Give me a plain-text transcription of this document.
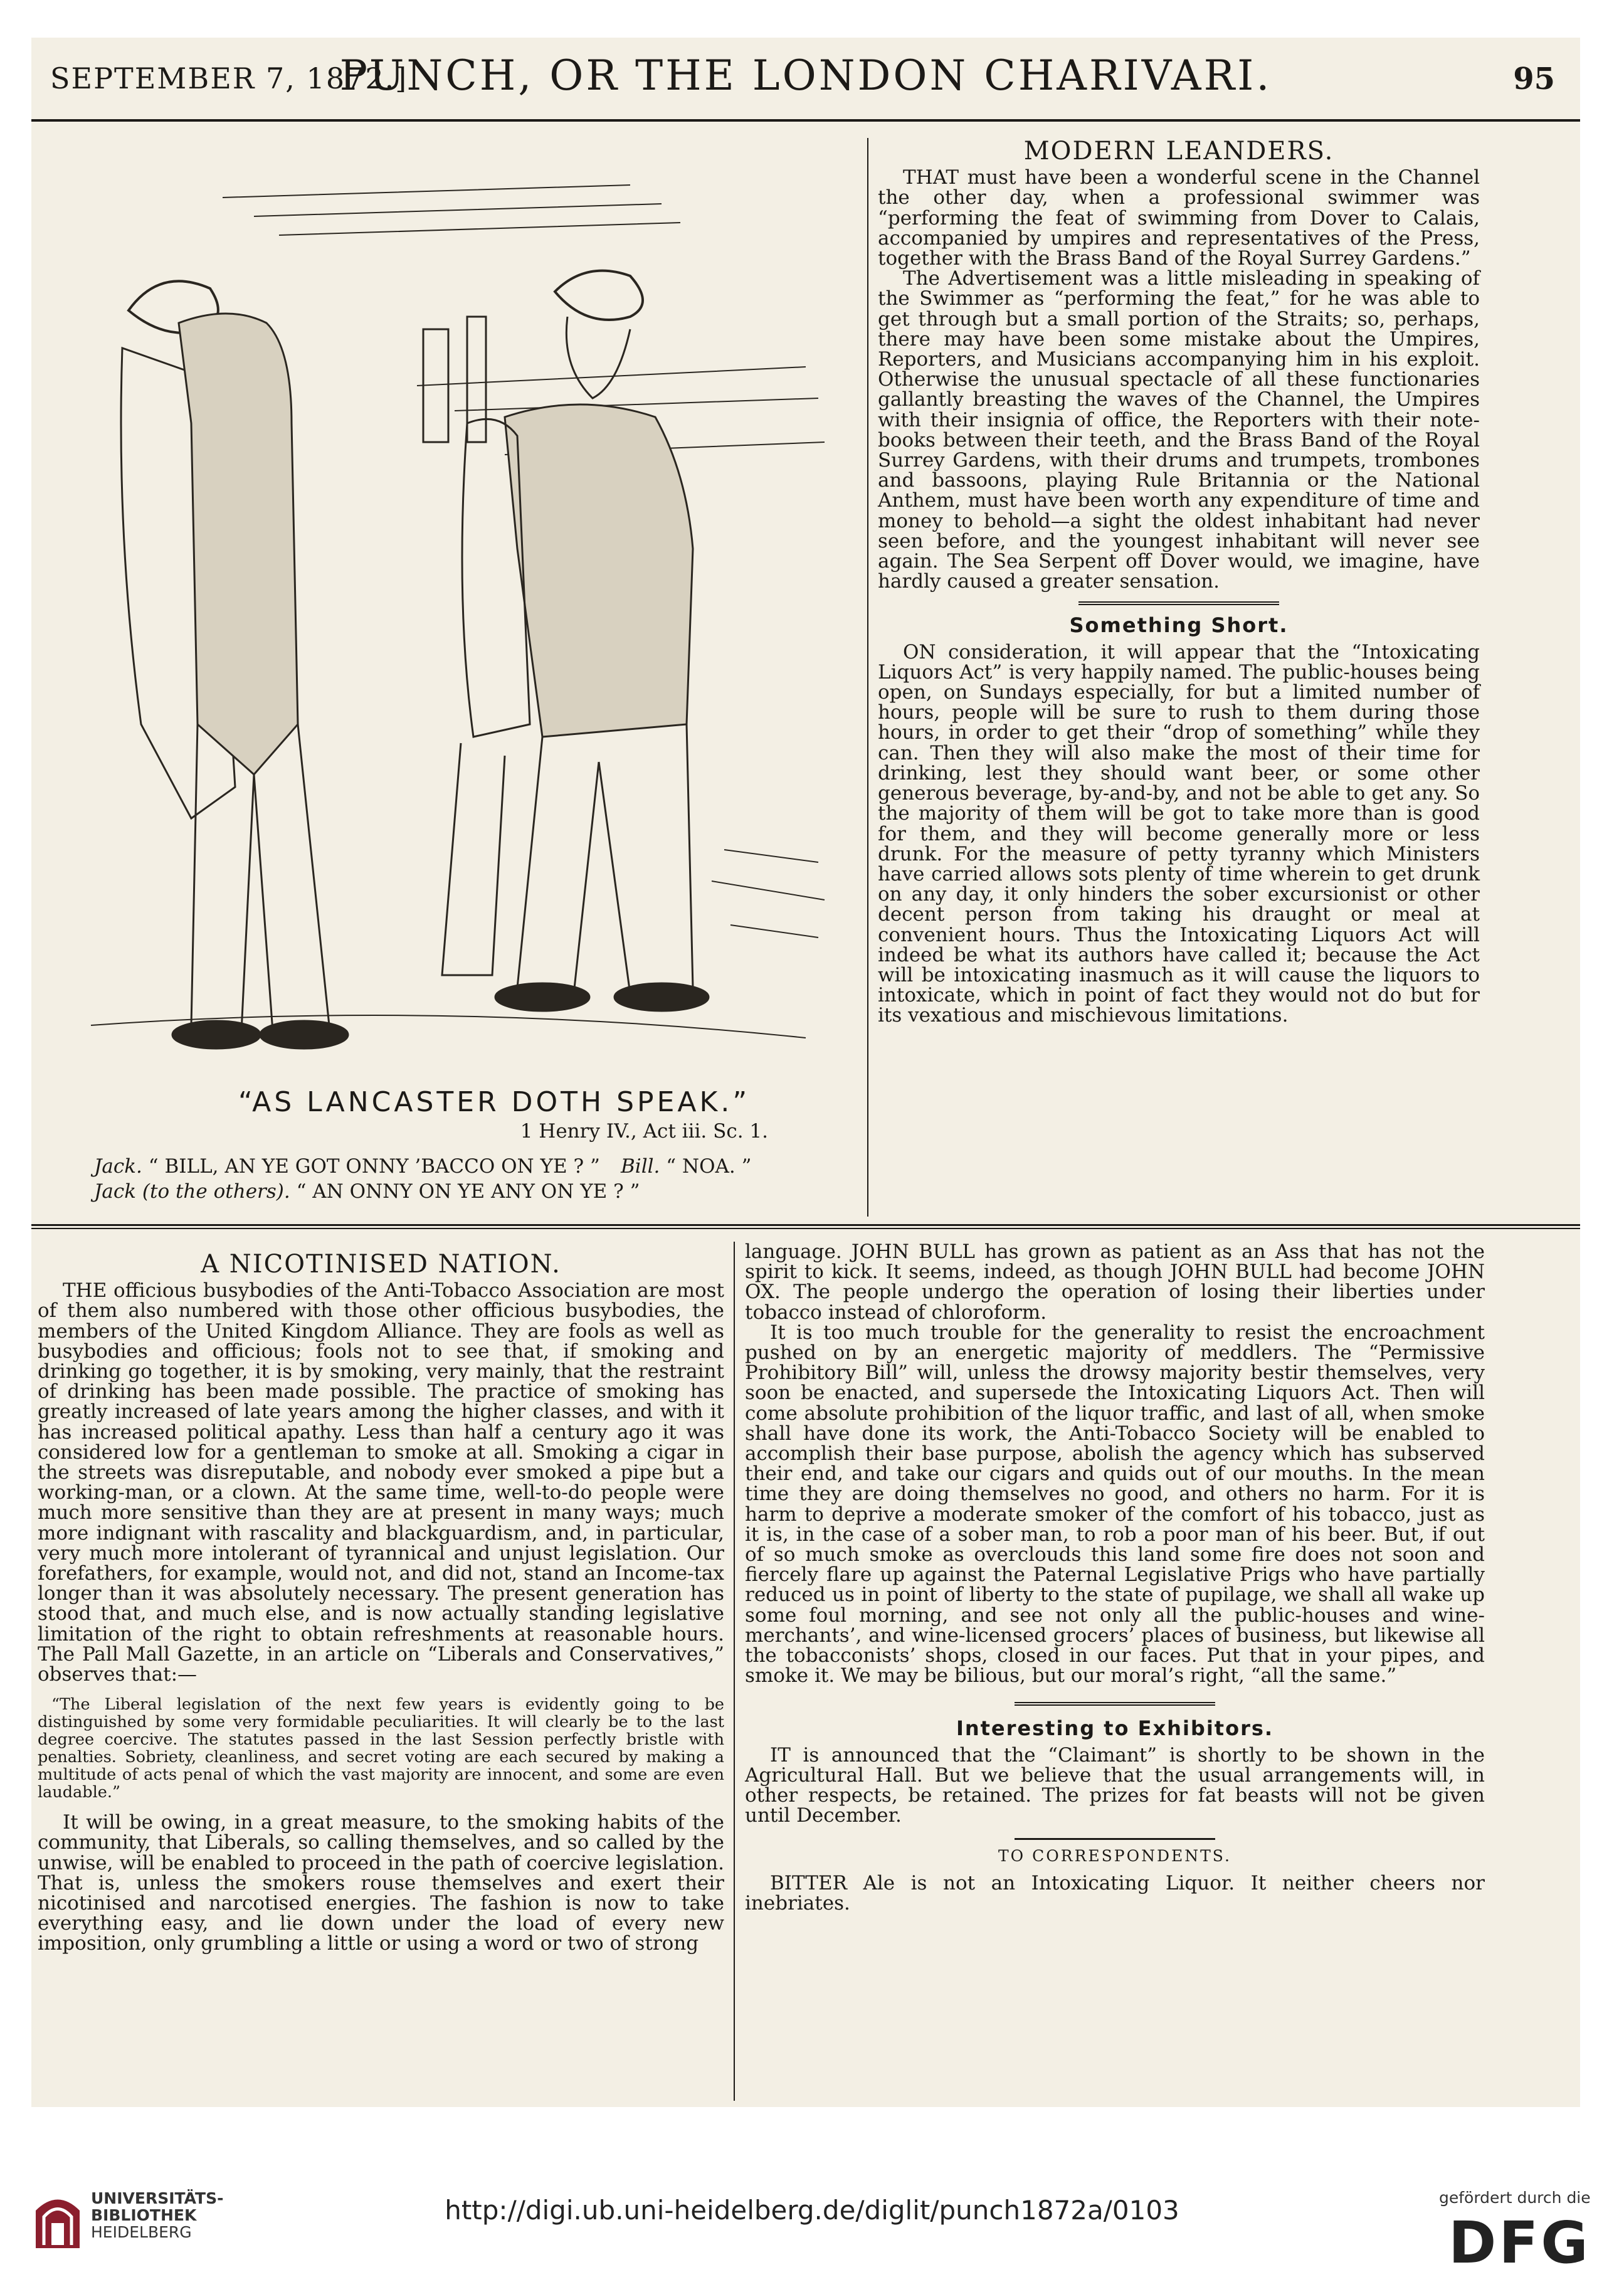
SEPTEMBER 7, 1872.]
PUNCH, OR THE LONDON CHARIVARI.	95
“AS LANCASTER DOTH SPEAK.”
1 Henry IV., Act iii. Sc. 1.
Jack. “ BILL, AN YE GOT ONNY ’BACCO ON YE ? ” Bill. “ NOA. ”
Jack (to the others). “ AN ONNY ON YE ANY ON YE ? ”

MODERN LEANDERS.

THAT must have been a wonderful scene in the Channel the other day, when a professional swimmer was “performing the feat of swimming from Dover to Calais, accompanied by umpires and representatives of the Press, together with the Brass Band of the Royal Surrey Gardens.”

The Advertisement was a little misleading in speaking of the Swimmer as “performing the feat,” for he was able to get through but a small portion of the Straits; so, perhaps, there may have been some mistake about the Umpires, Reporters, and Musicians accompanying him in his exploit. Otherwise the unusual spectacle of all these functionaries gallantly breasting the waves of the Channel, the Umpires with their insignia of office, the Reporters with their note-books between their teeth, and the Brass Band of the Royal Surrey Gardens, with their drums and trumpets, trombones and bassoons, playing Rule Britannia or the National Anthem, must have been worth any expenditure of time and money to behold—a sight the oldest inhabitant had never seen before, and the youngest inhabitant will never see again. The Sea Serpent off Dover would, we imagine, have hardly caused a greater sensation.

Something Short.

ON consideration, it will appear that the “Intoxicating Liquors Act” is very happily named. The public-houses being open, on Sundays especially, for but a limited number of hours, people will be sure to rush to them during those hours, in order to get their “drop of something” while they can. Then they will also make the most of their time for drinking, lest they should want beer, or some other generous beverage, by-and-by, and not be able to get any. So the majority of them will be got to take more than is good for them, and they will become generally more or less drunk. For the measure of petty tyranny which Ministers have carried allows sots plenty of time wherein to get drunk on any day, it only hinders the sober excursionist or other decent person from taking his draught or meal at convenient hours. Thus the Intoxicating Liquors Act will indeed be what its authors have called it; because the Act will be intoxicating inasmuch as it will cause the liquors to intoxicate, which in point of fact they would not do but for its vexatious and mischievous limitations.

A NICOTINISED NATION.

THE officious busybodies of the Anti-Tobacco Association are most of them also numbered with those other officious busybodies, the members of the United Kingdom Alliance. They are fools as well as busybodies and officious; fools not to see that, if smoking and drinking go together, it is by smoking, very mainly, that the restraint of drinking has been made possible. The practice of smoking has greatly increased of late years among the higher classes, and with it has increased political apathy. Less than half a century ago it was considered low for a gentleman to smoke at all. Smoking a cigar in the streets was disreputable, and nobody ever smoked a pipe but a working-man, or a clown. At the same time, well-to-do people were much more sensitive than they are at present in many ways; much more indignant with rascality and blackguardism, and, in particular, very much more intolerant of tyrannical and unjust legislation. Our forefathers, for example, would not, and did not, stand an Income-tax longer than it was absolutely necessary. The present generation has stood that, and much else, and is now actually standing legislative limitation of the right to obtain refreshments at reasonable hours. The Pall Mall Gazette, in an article on “Liberals and Conservatives,” observes that:—

“The Liberal legislation of the next few years is evidently going to be distinguished by some very formidable peculiarities. It will clearly be to the last degree coercive. The statutes passed in the last Session perfectly bristle with penalties. Sobriety, cleanliness, and secret voting are each secured by making a multitude of acts penal of which the vast majority are innocent, and some are even laudable.”

It will be owing, in a great measure, to the smoking habits of the community, that Liberals, so calling themselves, and so called by the unwise, will be enabled to proceed in the path of coercive legislation. That is, unless the smokers rouse themselves and exert their nicotinised and narcotised energies. The fashion is now to take everything easy, and lie down under the load of every new imposition, only grumbling a little or using a word or two of strong

language. JOHN BULL has grown as patient as an Ass that has not the spirit to kick. It seems, indeed, as though JOHN BULL had become JOHN OX. The people undergo the operation of losing their liberties under tobacco instead of chloroform.

It is too much trouble for the generality to resist the encroachment pushed on by an energetic majority of meddlers. The “Permissive Prohibitory Bill” will, unless the drowsy majority bestir themselves, very soon be enacted, and supersede the Intoxicating Liquors Act. Then will come absolute prohibition of the liquor traffic, and last of all, when smoke shall have done its work, the Anti-Tobacco Society will be enabled to accomplish their base purpose, abolish the agency which has subserved their end, and take our cigars and quids out of our mouths. In the mean time they are doing themselves no good, and others no harm. For it is harm to deprive a moderate smoker of the comfort of his tobacco, just as it is, in the case of a sober man, to rob a poor man of his beer. But, if out of so much smoke as overclouds this land some fire does not soon and fiercely flare up against the Paternal Legislative Prigs who have partially reduced us in point of liberty to the state of pupilage, we shall all wake up some foul morning, and see not only all the public-houses and wine-merchants’, and wine-licensed grocers’ places of business, but likewise all the tobacconists’ shops, closed in our faces. Put that in your pipes, and smoke it. We may be bilious, but our moral’s right, “all the same.”

Interesting to Exhibitors.

IT is announced that the “Claimant” is shortly to be shown in the Agricultural Hall. But we believe that the usual arrangements will, in other respects, be retained. The prizes for fat beasts will not be given until December.

TO CORRESPONDENTS.

BITTER Ale is not an Intoxicating Liquor. It neither cheers nor inebriates.

UNIVERSITÄTS-
BIBLIOTHEK
HEIDELBERG
http://digi.ub.uni-heidelberg.de/diglit/punch1872a/0103	gefördert durch die
DFG
